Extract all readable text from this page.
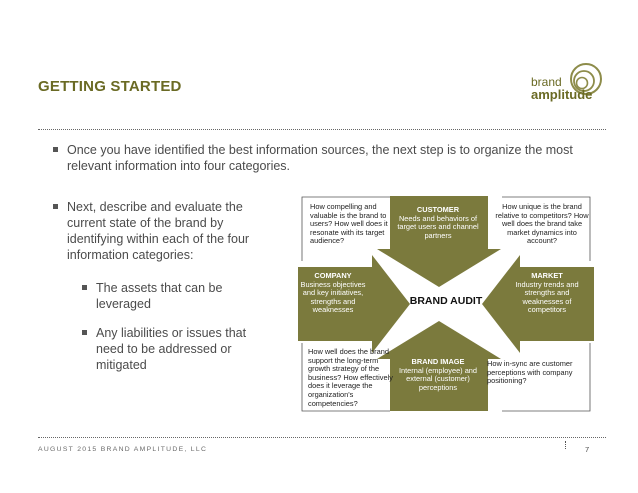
GETTING STARTED	brand
amplitude
Once you have identified the best information sources, the next step is to organize the most relevant information into four categories.
Next, describe and evaluate the current state of the brand by identifying within each of the four information categories:
The assets that can be leveraged
Any liabilities or issues that need to be addressed or mitigated
How compelling and valuable is the brand to users? How well does it resonate with its target audience?
How unique is the brand relative to competitors? How well does the brand take market dynamics into account?
How well does the brand support the long-term growth strategy of the business? How effectively does it leverage the organization's competencies?
How in-sync are customer perceptions with company positioning?
CUSTOMER
Needs and behaviors of target users and channel partners
COMPANY
Business objectives and key initiatives, strengths and weaknesses
MARKET
Industry trends and strengths and weaknesses of competitors
BRAND IMAGE
Internal (employee) and external (customer) perceptions
BRAND AUDIT
AUGUST 2015 BRAND AMPLITUDE, LLC	7
